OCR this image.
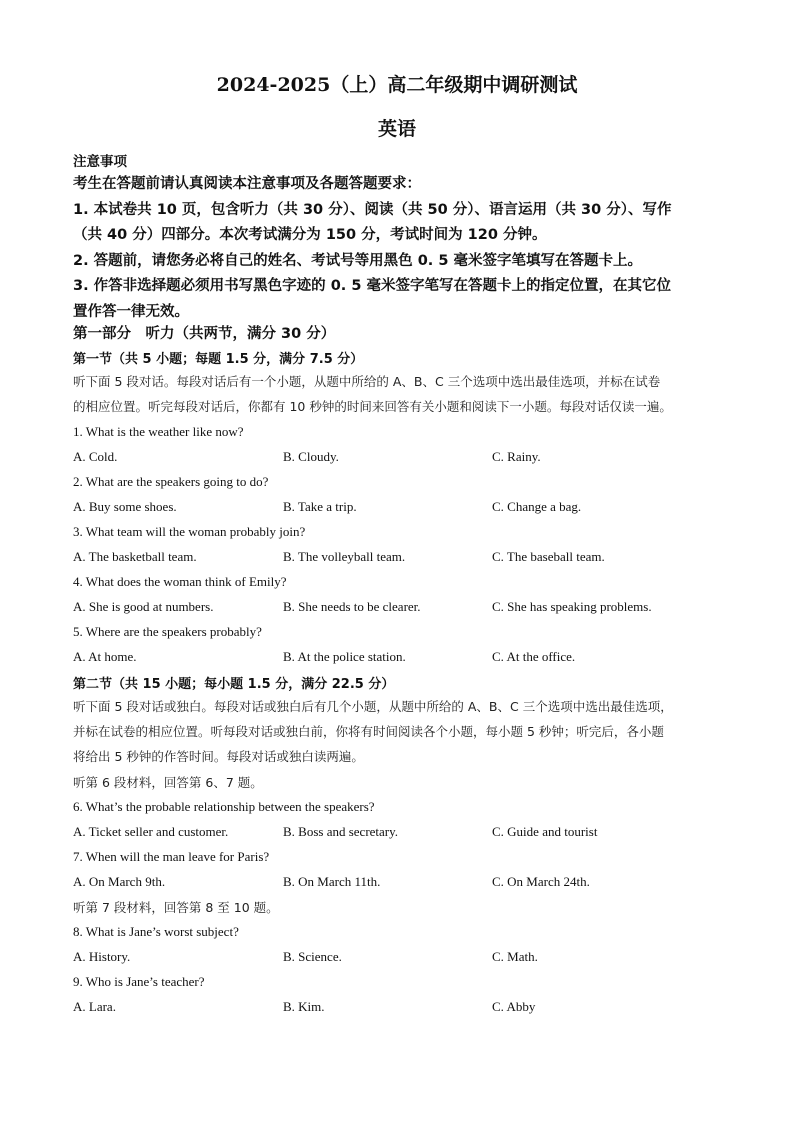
2024-2025（上）高二年级期中调研测试
英语
注意事项

考生在答题前请认真阅读本注意事项及各题答题要求：

1. 本试卷共 10 页，包含听力（共 30 分）、阅读（共 50 分）、语言运用（共 30 分）、写作

（共 40 分）四部分。本次考试满分为 150 分，考试时间为 120 分钟。

2. 答题前，请您务必将自己的姓名、考试号等用黑色 0. 5 毫米签字笔填写在答题卡上。

3. 作答非选择题必须用书写黑色字迹的 0. 5 毫米签字笔写在答题卡上的指定位置，在其它位

置作答一律无效。

第一部分　听力（共两节，满分 30 分）
第一节（共 5 小题；每题 1.5 分，满分 7.5 分）

听下面 5 段对话。每段对话后有一个小题，从题中所给的 A、B、C 三个选项中选出最佳选项，并标在试卷

的相应位置。听完每段对话后，你都有 10 秒钟的时间来回答有关小题和阅读下一小题。每段对话仅读一遍。

1. What is the weather like now?
A. Cold.	B. Cloudy.	C. Rainy.
2. What are the speakers going to do?
A. Buy some shoes.	B. Take a trip.	C. Change a bag.
3. What team will the woman probably join?
A. The basketball team.	B. The volleyball team.	C. The baseball team.
4. What does the woman think of Emily?
A. She is good at numbers.	B. She needs to be clearer.	C. She has speaking problems.
5. Where are the speakers probably?
A. At home.	B. At the police station.	C. At the office.
第二节（共 15 小题；每小题 1.5 分，满分 22.5 分）

听下面 5 段对话或独白。每段对话或独白后有几个小题，从题中所给的 A、B、C 三个选项中选出最佳选项，

并标在试卷的相应位置。听每段对话或独白前，你将有时间阅读各个小题，每小题 5 秒钟；听完后，各小题

将给出 5 秒钟的作答时间。每段对话或独白读两遍。

听第 6 段材料，回答第 6、7 题。
6. What’s the probable relationship between the speakers?
A. Ticket seller and customer.	B. Boss and secretary.	C. Guide and tourist
7. When will the man leave for Paris?
A. On March 9th.	B. On March 11th.	C. On March 24th.
听第 7 段材料，回答第 8 至 10 题。
8. What is Jane’s worst subject?
A. History.	B. Science.	C. Math.
9. Who is Jane’s teacher?
A. Lara.	B. Kim.	C. Abby
